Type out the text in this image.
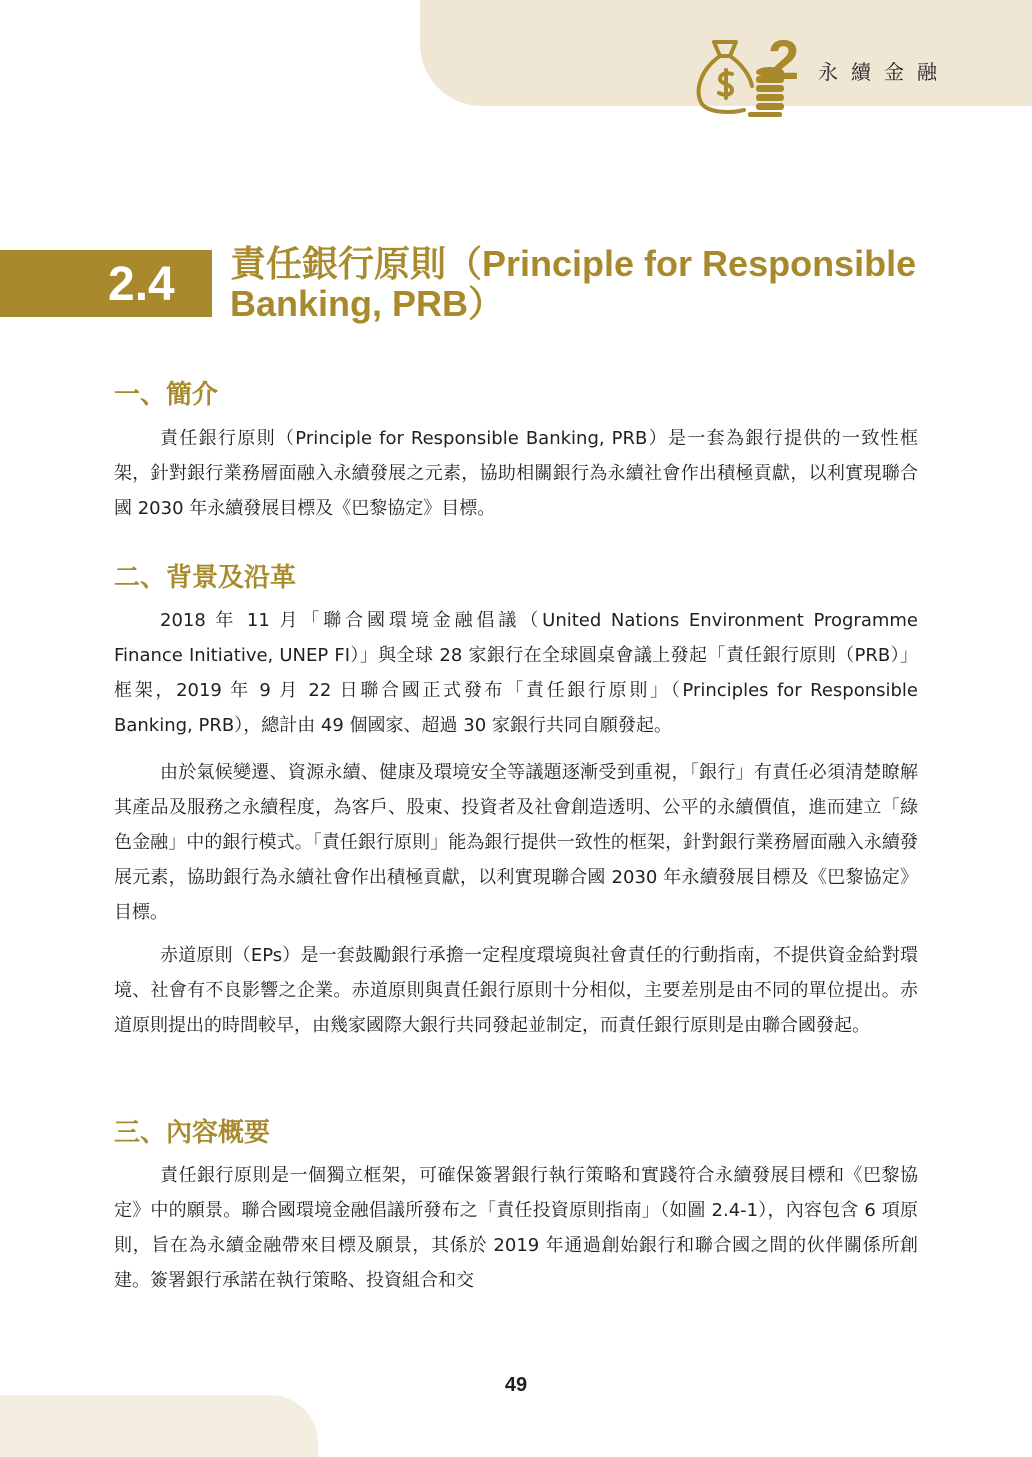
2 永續金融
2.4 責任銀行原則（Principle for Responsible Banking, PRB）
一、簡介

責任銀行原則（Principle for Responsible Banking, PRB）是一套為銀行提供的一致性框架，針對銀行業務層面融入永續發展之元素，協助相關銀行為永續社會作出積極貢獻，以利實現聯合國 2030 年永續發展目標及《巴黎協定》目標。

二、背景及沿革

2018 年 11 月「聯合國環境金融倡議（United Nations Environment Programme Finance Initiative, UNEP FI）」與全球 28 家銀行在全球圓桌會議上發起「責任銀行原則（PRB）」框架，2019 年 9 月 22 日聯合國正式發布「責任銀行原則」（Principles for Responsible Banking, PRB），總計由 49 個國家、超過 30 家銀行共同自願發起。

由於氣候變遷、資源永續、健康及環境安全等議題逐漸受到重視，「銀行」有責任必須清楚瞭解其產品及服務之永續程度，為客戶、股東、投資者及社會創造透明、公平的永續價值，進而建立「綠色金融」中的銀行模式。「責任銀行原則」能為銀行提供一致性的框架，針對銀行業務層面融入永續發展元素，協助銀行為永續社會作出積極貢獻，以利實現聯合國 2030 年永續發展目標及《巴黎協定》目標。

赤道原則（EPs）是一套鼓勵銀行承擔一定程度環境與社會責任的行動指南，不提供資金給對環境、社會有不良影響之企業。赤道原則與責任銀行原則十分相似，主要差別是由不同的單位提出。赤道原則提出的時間較早，由幾家國際大銀行共同發起並制定，而責任銀行原則是由聯合國發起。

三、內容概要

責任銀行原則是一個獨立框架，可確保簽署銀行執行策略和實踐符合永續發展目標和《巴黎協定》中的願景。聯合國環境金融倡議所發布之「責任投資原則指南」（如圖 2.4-1），內容包含 6 項原則，旨在為永續金融帶來目標及願景，其係於 2019 年通過創始銀行和聯合國之間的伙伴關係所創建。簽署銀行承諾在執行策略、投資組合和交

49
